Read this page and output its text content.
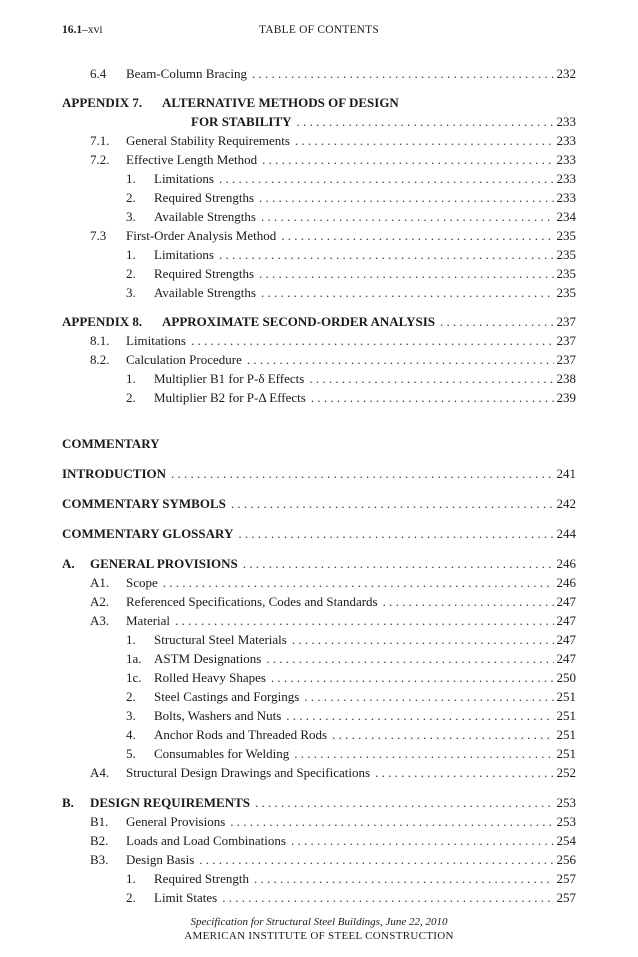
16.1–xvi	TABLE OF CONTENTS
6.4 Beam-Column Bracing . . .	232
APPENDIX 7. ALTERNATIVE METHODS OF DESIGN
FOR STABILITY . . .	233
7.1. General Stability Requirements . . .	233
7.2. Effective Length Method . . .	233
1. Limitations . . .	233
2. Required Strengths . . .	233
3. Available Strengths . . .	234
7.3 First-Order Analysis Method . . .	235
1. Limitations . . .	235
2. Required Strengths . . .	235
3. Available Strengths . . .	235
APPENDIX 8. APPROXIMATE SECOND-ORDER ANALYSIS . . .	237
8.1. Limitations . . .	237
8.2. Calculation Procedure . . .	237
1. Multiplier B1 for P-δ Effects . . .	238
2. Multiplier B2 for P-Δ Effects . . .	239
COMMENTARY
INTRODUCTION . . .	241
COMMENTARY SYMBOLS . . .	242
COMMENTARY GLOSSARY . . .	244
A. GENERAL PROVISIONS . . .	246
A1. Scope . . .	246
A2. Referenced Specifications, Codes and Standards . . .	247
A3. Material . . .	247
1. Structural Steel Materials . . .	247
1a. ASTM Designations . . .	247
1c. Rolled Heavy Shapes . . .	250
2. Steel Castings and Forgings . . .	251
3. Bolts, Washers and Nuts . . .	251
4. Anchor Rods and Threaded Rods . . .	251
5. Consumables for Welding . . .	251
A4. Structural Design Drawings and Specifications . . .	252
B. DESIGN REQUIREMENTS . . .	253
B1. General Provisions . . .	253
B2. Loads and Load Combinations . . .	254
B3. Design Basis . . .	256
1. Required Strength . . .	257
2. Limit States . . .	257
Specification for Structural Steel Buildings, June 22, 2010
AMERICAN INSTITUTE OF STEEL CONSTRUCTION
